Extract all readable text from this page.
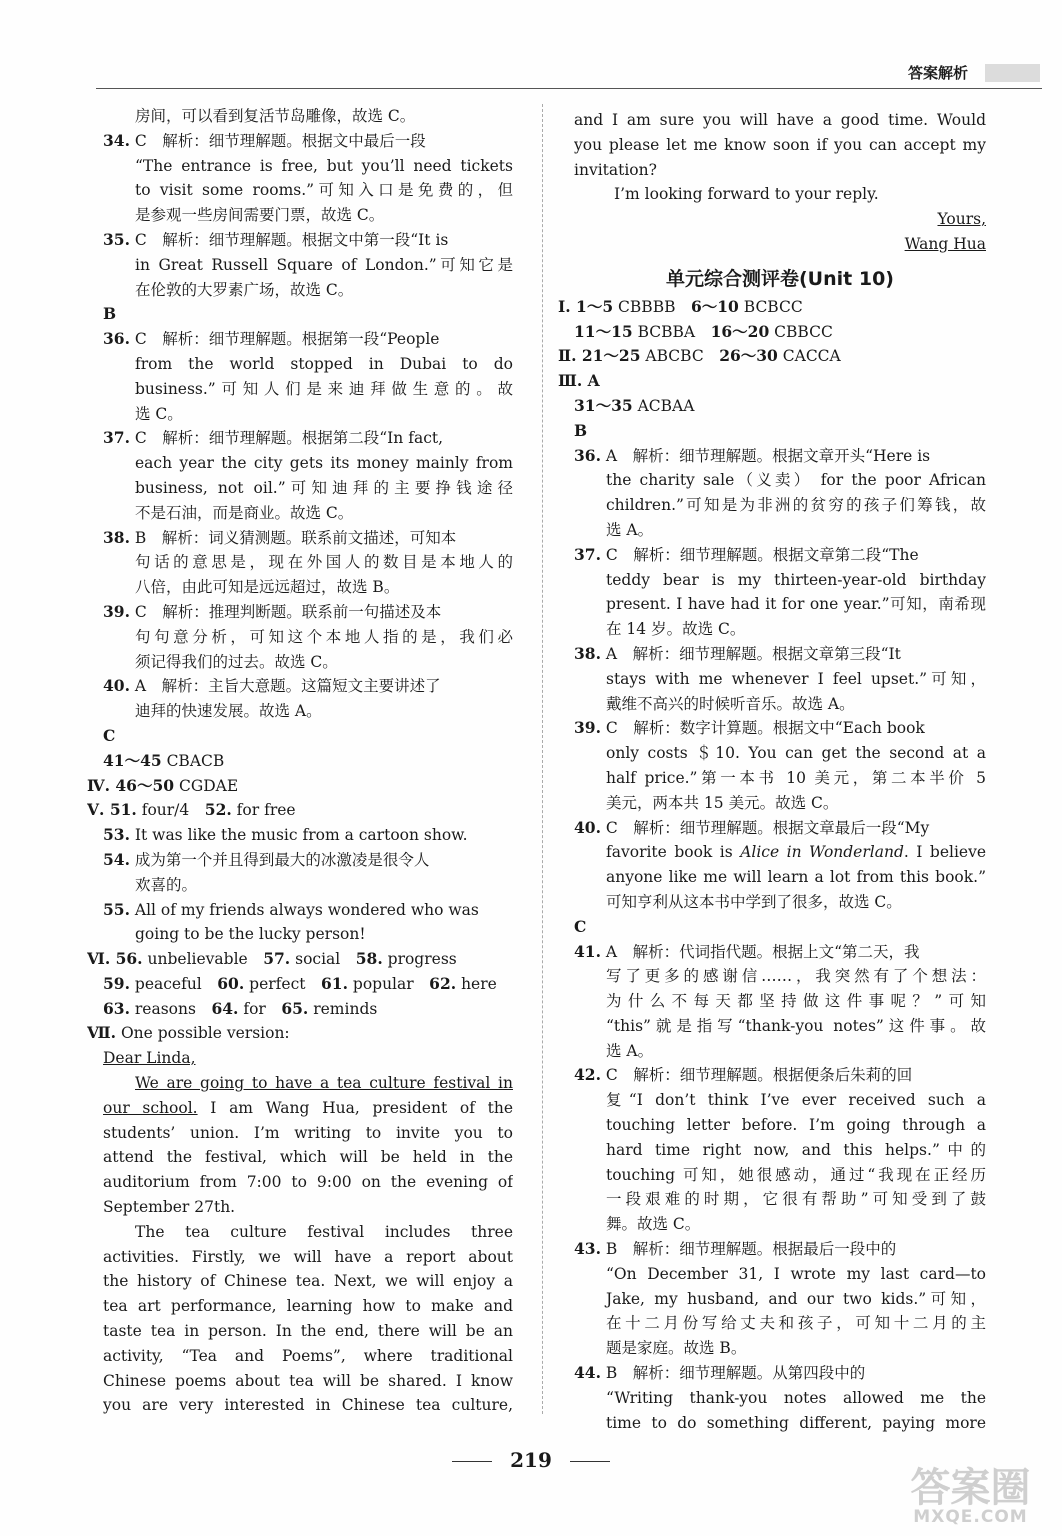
答案解析
房间，可以看到复活节岛雕像，故选 C。
34. C　解析：细节理解题。根据文中最后一段
“The entrance is free, but you’ll need tickets
to visit some rooms.”可知入口是免费的，但
是参观一些房间需要门票，故选 C。
35. C　解析：细节理解题。根据文中第一段“It is
in Great Russell Square of London.”可知它是
在伦敦的大罗素广场，故选 C。
B
36. C　解析：细节理解题。根据第一段“People
from the world stopped in Dubai to do
business.”可知人们是来迪拜做生意的。故
选 C。
37. C　解析：细节理解题。根据第二段“In fact,
each year the city gets its money mainly from
business, not oil.”可知迪拜的主要挣钱途径
不是石油，而是商业。故选 C。
38. B　解析：词义猜测题。联系前文描述，可知本
句话的意思是，现在外国人的数目是本地人的
八倍，由此可知是远远超过，故选 B。
39. C　解析：推理判断题。联系前一句描述及本
句句意分析，可知这个本地人指的是，我们必
须记得我们的过去。故选 C。
40. A　解析：主旨大意题。这篇短文主要讲述了
迪拜的快速发展。故选 A。
C
41～45 CBACB
Ⅳ. 46～50 CGDAE
Ⅴ. 51. four/4　52. for free
53. It was like the music from a cartoon show.
54. 成为第一个并且得到最大的冰激凌是很令人
欢喜的。
55. All of my friends always wondered who was
going to be the lucky person!
Ⅵ. 56. unbelievable　57. social　58. progress
59. peaceful　60. perfect　61. popular　62. here
63. reasons　64. for　65. reminds
Ⅶ. One possible version:
Dear Linda,
We are going to have a tea culture festival in
our school. I am Wang Hua, president of the
students’ union. I’m writing to invite you to
attend the festival, which will be held in the
auditorium from 7:00 to 9:00 on the evening of
September 27th.
The tea culture festival includes three
activities. Firstly, we will have a report about
the history of Chinese tea. Next, we will enjoy a
tea art performance, learning how to make and
taste tea in person. In the end, there will be an
activity, “Tea and Poems”, where traditional
Chinese poems about tea will be shared. I know
you are very interested in Chinese tea culture,
and I am sure you will have a good time. Would
you please let me know soon if you can accept my
invitation?
I’m looking forward to your reply.
Yours,
Wang Hua
单元综合测评卷(Unit 10)
Ⅰ. 1～5 CBBBB　6～10 BCBCC
11～15 BCBBA　16～20 CBBCC
Ⅱ. 21～25 ABCBC　26～30 CACCA
Ⅲ. A
31～35 ACBAA
B
36. A　解析：细节理解题。根据文章开头“Here is
the charity sale（义卖） for the poor African
children.”可知是为非洲的贫穷的孩子们筹钱，故
选 A。
37. C　解析：细节理解题。根据文章第二段“The
teddy bear is my thirteen-year-old birthday
present. I have had it for one year.”可知，南希现
在 14 岁。故选 C。
38. A　解析：细节理解题。根据文章第三段“It
stays with me whenever I feel upset.”可知，
戴维不高兴的时候听音乐。故选 A。
39. C　解析：数字计算题。根据文中“Each book
only costs ＄10. You can get the second at a
half price.”第一本书 10 美元，第二本半价 5
美元，两本共 15 美元。故选 C。
40. C　解析：细节理解题。根据文章最后一段“My
favorite book is Alice in Wonderland. I believe
anyone like me will learn a lot from this book.”
可知亨利从这本书中学到了很多，故选 C。
C
41. A　解析：代词指代题。根据上文“第二天，我
写了更多的感谢信……，我突然有了个想法：
为什么不每天都坚持做这件事呢？”可知
“this”就是指写“thank-you notes”这件事。故
选 A。
42. C　解析：细节理解题。根据便条后朱莉的回
复“I don’t think I’ve ever received such a
touching letter before. I’m going through a
hard time right now, and this helps.”中的
touching 可知，她很感动，通过“我现在正经历
一段艰难的时期，它很有帮助”可知受到了鼓
舞。故选 C。
43. B　解析：细节理解题。根据最后一段中的
“On December 31, I wrote my last card—to
Jake, my husband, and our two kids.”可知，
在十二月份写给丈夫和孩子，可知十二月的主
题是家庭。故选 B。
44. B　解析：细节理解题。从第四段中的
“Writing thank-you notes allowed me the
time to do something different, paying more
219
答案圈
MXQE.COM
